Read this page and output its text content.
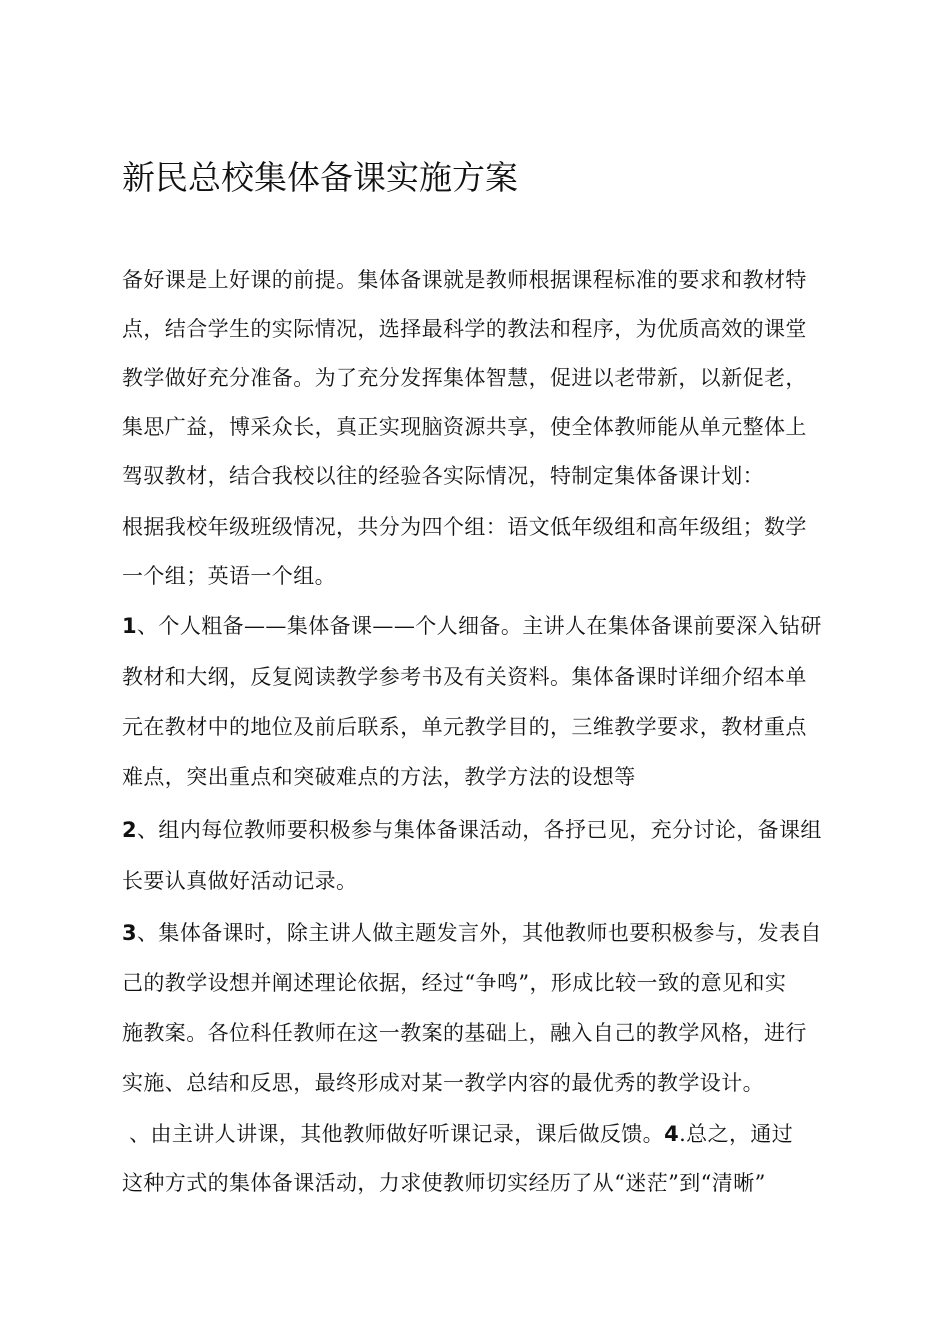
新民总校集体备课实施方案

备好课是上好课的前提。集体备课就是教师根据课程标准的要求和教材特

点，结合学生的实际情况，选择最科学的教法和程序，为优质高效的课堂

教学做好充分准备。为了充分发挥集体智慧，促进以老带新，以新促老，

集思广益，博采众长，真正实现脑资源共享，使全体教师能从单元整体上

驾驭教材，结合我校以往的经验各实际情况，特制定集体备课计划：

根据我校年级班级情况，共分为四个组：语文低年级组和高年级组；数学

一个组；英语一个组。

1、个人粗备——集体备课——个人细备。主讲人在集体备课前要深入钻研

教材和大纲，反复阅读教学参考书及有关资料。集体备课时详细介绍本单

元在教材中的地位及前后联系，单元教学目的，三维教学要求，教材重点

难点，突出重点和突破难点的方法，教学方法的设想等

2、组内每位教师要积极参与集体备课活动，各抒已见，充分讨论，备课组

长要认真做好活动记录。

3、集体备课时，除主讲人做主题发言外，其他教师也要积极参与，发表自

己的教学设想并阐述理论依据，经过“争鸣”，形成比较一致的意见和实

施教案。各位科任教师在这一教案的基础上，融入自己的教学风格，进行

实施、总结和反思，最终形成对某一教学内容的最优秀的教学设计。

、由主讲人讲课，其他教师做好听课记录，课后做反馈。4.总之，通过

这种方式的集体备课活动，力求使教师切实经历了从“迷茫”到“清晰”
